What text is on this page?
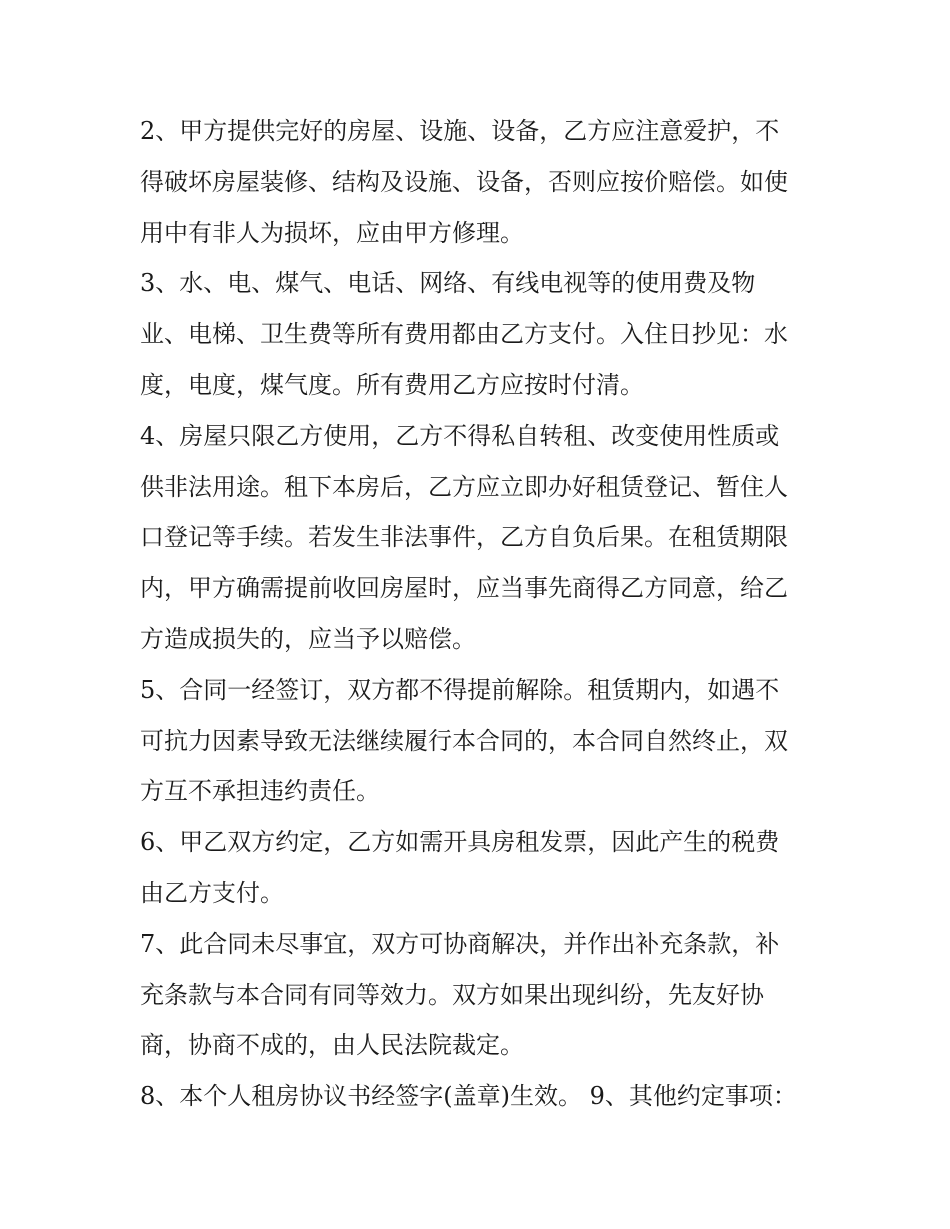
2、甲方提供完好的房屋、设施、设备，乙方应注意爱护，不
得破坏房屋装修、结构及设施、设备，否则应按价赔偿。如使
用中有非人为损坏，应由甲方修理。
3、水、电、煤气、电话、网络、有线电视等的使用费及物
业、电梯、卫生费等所有费用都由乙方支付。入住日抄见：水
度，电度，煤气度。所有费用乙方应按时付清。
4、房屋只限乙方使用，乙方不得私自转租、改变使用性质或
供非法用途。租下本房后，乙方应立即办好租赁登记、暂住人
口登记等手续。若发生非法事件，乙方自负后果。在租赁期限
内，甲方确需提前收回房屋时，应当事先商得乙方同意，给乙
方造成损失的，应当予以赔偿。
5、合同一经签订，双方都不得提前解除。租赁期内，如遇不
可抗力因素导致无法继续履行本合同的，本合同自然终止，双
方互不承担违约责任。
6、甲乙双方约定，乙方如需开具房租发票，因此产生的税费
由乙方支付。
7、此合同未尽事宜，双方可协商解决，并作出补充条款，补
充条款与本合同有同等效力。双方如果出现纠纷，先友好协
商，协商不成的，由人民法院裁定。
8、本个人租房协议书经签字(盖章)生效。 9、其他约定事项：
